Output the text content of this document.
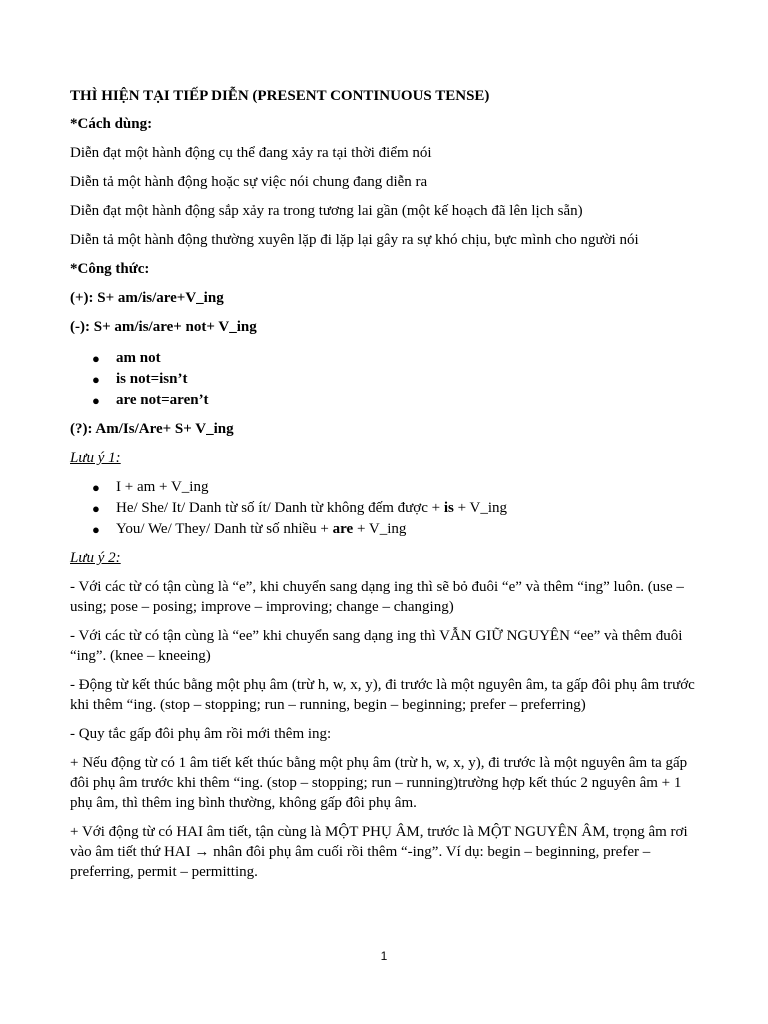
THÌ HIỆN TẠI TIẾP DIỄN (PRESENT CONTINUOUS TENSE)

*Cách dùng:

Diễn đạt một hành động cụ thể đang xảy ra tại thời điểm nói

Diễn tả một hành động hoặc sự việc nói chung đang diễn ra

Diễn đạt một hành động sắp xảy ra trong tương lai gần (một kế hoạch đã lên lịch sẵn)

Diễn tả một hành động thường xuyên lặp đi lặp lại gây ra sự khó chịu, bực mình cho người nói

*Công thức:

(+): S+ am/is/are+V_ing

(-): S+ am/is/are+ not+ V_ing

● am not
● is not=isn’t
● are not=aren’t

(?): Am/Is/Are+ S+ V_ing

Lưu ý 1:

● I + am + V_ing
● He/ She/ It/ Danh từ số ít/ Danh từ không đếm được + is + V_ing
● You/ We/ They/ Danh từ số nhiều + are + V_ing

Lưu ý 2:

- Với các từ có tận cùng là “e”, khi chuyển sang dạng ing thì sẽ bỏ đuôi “e” và thêm “ing” luôn. (use – using; pose – posing; improve – improving; change – changing)

- Với các từ có tận cùng là “ee” khi chuyển sang dạng ing thì VẪN GIỮ NGUYÊN “ee” và thêm đuôi “ing”. (knee – kneeing)

- Động từ kết thúc bằng một phụ âm (trừ h, w, x, y), đi trước là một nguyên âm, ta gấp đôi phụ âm trước khi thêm “ing. (stop – stopping; run – running, begin – beginning; prefer – preferring)

- Quy tắc gấp đôi phụ âm rồi mới thêm ing:

+ Nếu động từ có 1 âm tiết kết thúc bằng một phụ âm (trừ h, w, x, y), đi trước là một nguyên âm ta gấp đôi phụ âm trước khi thêm “ing. (stop – stopping; run – running)trường hợp kết thúc 2 nguyên âm + 1 phụ âm, thì thêm ing bình thường, không gấp đôi phụ âm.

+ Với động từ có HAI âm tiết, tận cùng là MỘT PHỤ ÂM, trước là MỘT NGUYÊN ÂM, trọng âm rơi vào âm tiết thứ HAI → nhân đôi phụ âm cuối rồi thêm “-ing”. Ví dụ: begin – beginning, prefer – preferring, permit – permitting.

1
